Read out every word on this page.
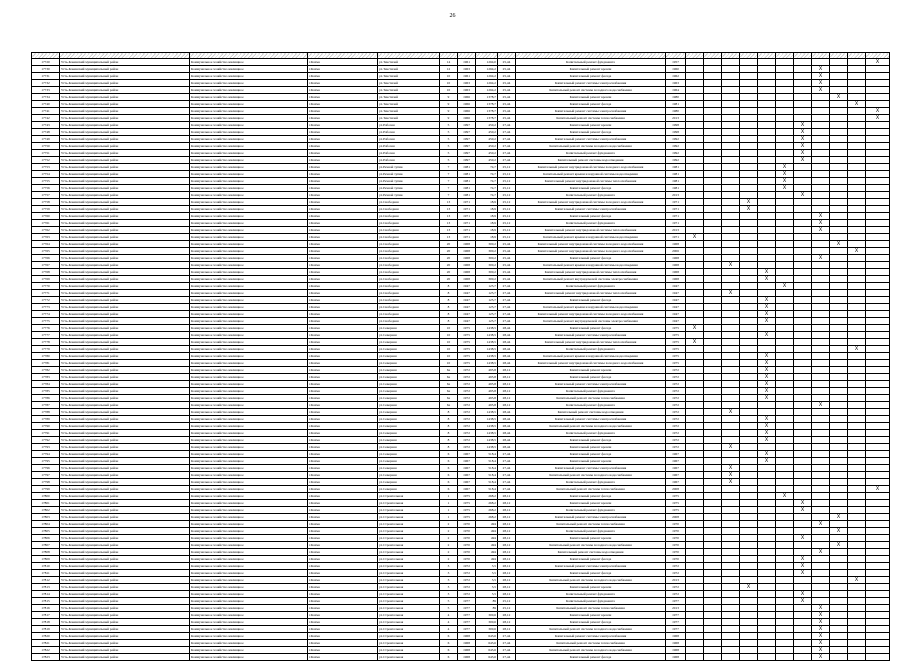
26

17720	Усть-Кокинский муниципальный район	Коммунальное хозяйство жилищное	г.Кохма	ул.Текстилей	14	1961	1264,0	25,44	Капитальный ремонт фундамента	1957											X
17730	Усть-Кокинский муниципальный район	Коммунальное хозяйство жилищное	г.Кохма	ул.Текстилей	12	1963	1264,2	25,44	Капитальный ремонт кровли	1960								X			
17731	Усть-Кокинский муниципальный район	Коммунальное хозяйство жилищное	г.Кохма	ул.Текстилей	10	1961	1264,2	25,44	Капитальный ремонт фасада	1962								X			
17732	Усть-Кокинский муниципальный район	Коммунальное хозяйство жилищное	г.Кохма	ул.Текстилей	10	1963	1264,2	25,44	Капитальный ремонт системы электроснабжения	1963								X			
17733	Усть-Кокинский муниципальный район	Коммунальное хозяйство жилищное	г.Кохма	ул.Текстилей	10	1963	1264,2	25,44	Капитальный ремонт системы холодного водоснабжения	1964								X			
17734	Усть-Кокинский муниципальный район	Коммунальное хозяйство жилищное	г.Кохма	ул.Текстилей	9	1966	1378,7	25,44	Капитальный ремонт кровли	1980									X		
17740	Усть-Кокинский муниципальный район	Коммунальное хозяйство жилищное	г.Кохма	ул.Текстилей	9	1966	1378,7	25,44	Капитальный ремонт фасада	1981										X	
17741	Усть-Кокинский муниципальный район	Коммунальное хозяйство жилищное	г.Кохма	ул.Текстилей	9	1966	1378,7	25,44	Капитальный ремонт системы электроснабжения	1980											X
17742	Усть-Кокинский муниципальный район	Коммунальное хозяйство жилищное	г.Кохма	ул.Текстилей	9	1966	1378,7	25,44	Капитальный ремонт системы теплоснабжения	2013											X
17743	Усть-Кокинский муниципальный район	Коммунальное хозяйство жилищное	г.Кохма	ул.Рабочая	5	1997	450,2	27,44	Капитальный ремонт кровли	1998							X				
17748	Усть-Кокинский муниципальный район	Коммунальное хозяйство жилищное	г.Кохма	ул.Рабочая	5	1997	450,2	27,44	Капитальный ремонт фасада	1998							X				
17749	Усть-Кокинский муниципальный район	Коммунальное хозяйство жилищное	г.Кохма	ул.Рабочая	5	1997	450,2	27,44	Капитальный ремонт системы электроснабжения	1992							X				
17750	Усть-Кокинский муниципальный район	Коммунальное хозяйство жилищное	г.Кохма	ул.Рабочая	5	1997	450,2	27,44	Капитальный ремонт системы холодного водоснабжения	1992							X				
17751	Усть-Кокинский муниципальный район	Коммунальное хозяйство жилищное	г.Кохма	ул.Рабочая	5	1997	450,2	27,44	Капитальный ремонт фундамента	1992							X				
17752	Усть-Кокинский муниципальный район	Коммунальное хозяйство жилищное	г.Кохма	ул.Рабочая	5	1997	450,2	27,44	Капитальный ремонт системы водоотведения	1992							X				
17753	Усть-Кокинский муниципальный район	Коммунальное хозяйство жилищное	г.Кохма	ул.Речной тупик	7	1981	74,7	25,12	Капитальный ремонт внутридомовой системы холодного водоснабжения	1981						X					
17754	Усть-Кокинский муниципальный район	Коммунальное хозяйство жилищное	г.Кохма	ул.Речной тупик	7	1981	74,7	25,12	Капитальный ремонт крыши и наружной системы водоотведения	1981						X					
17755	Усть-Кокинский муниципальный район	Коммунальное хозяйство жилищное	г.Кохма	ул.Речной тупик	7	1981	74,7	25,12	Капитальный ремонт внутридомовой системы теплоснабжения	1981						X					
17756	Усть-Кокинский муниципальный район	Коммунальное хозяйство жилищное	г.Кохма	ул.Речной тупик	7	1981	74,7	25,12	Капитальный ремонт фасада	1981						X					
17757	Усть-Кокинский муниципальный район	Коммунальное хозяйство жилищное	г.Кохма	ул.Речной тупик	7	1981	74,7	25,12	Капитальный ремонт фундамента	2013							X				
17758	Усть-Кокинский муниципальный район	Коммунальное хозяйство жилищное	г.Кохма	ул.Свободная	13	1971	18,9	25,12	Капитальный ремонт внутридомовой системы холодного водоснабжения	1971				X							
17759	Усть-Кокинский муниципальный район	Коммунальное хозяйство жилищное	г.Кохма	ул.Свободная	13	1971	18,9	25,12	Капитальный ремонт системы электроснабжения	1971				X							
17760	Усть-Кокинский муниципальный район	Коммунальное хозяйство жилищное	г.Кохма	ул.Свободная	13	1971	18,9	25,12	Капитальный ремонт фасада	1971								X			
17761	Усть-Кокинский муниципальный район	Коммунальное хозяйство жилищное	г.Кохма	ул.Свободная	13	1971	18,9	25,12	Капитальный ремонт фундамента	1971								X			
17762	Усть-Кокинский муниципальный район	Коммунальное хозяйство жилищное	г.Кохма	ул.Свободная	13	1971	18,9	25,12	Капитальный ремонт внутридомовой системы теплоснабжения	2013								X			
17763	Усть-Кокинский муниципальный район	Коммунальное хозяйство жилищное	г.Кохма	ул.Свободная	13	1971	18,9	25,12	Капитальный ремонт крыши и наружной системы водоотведения	1971	X										
17764	Усть-Кокинский муниципальный район	Коммунальное хозяйство жилищное	г.Кохма	ул.Свободная	20	1968	300,2	25,44	Капитальный ремонт внутридомовой системы холодного водоснабжения	1968									X		
17765	Усть-Кокинский муниципальный район	Коммунальное хозяйство жилищное	г.Кохма	ул.Свободная	20	1968	300,2	25,44	Капитальный ремонт внутридомовой системы холодного водоснабжения	2006										X	
17766	Усть-Кокинский муниципальный район	Коммунальное хозяйство жилищное	г.Кохма	ул.Свободная	20	1968	300,2	25,44	Капитальный ремонт фасада	1968								X			
17767	Усть-Кокинский муниципальный район	Коммунальное хозяйство жилищное	г.Кохма	ул.Свободная	20	1968	300,2	25,44	Капитальный ремонт крыши и наружной системы водоотведения	1968			X								
17768	Усть-Кокинский муниципальный район	Коммунальное хозяйство жилищное	г.Кохма	ул.Свободная	20	1968	300,2	25,44	Капитальный ремонт внутридомовой системы теплоснабжения	1968					X						
17769	Усть-Кокинский муниципальный район	Коммунальное хозяйство жилищное	г.Кохма	ул.Свободная	20	1968	300,2	25,44	Капитальный ремонт внутридомовой системы электроснабжения	1968					X						
17770	Усть-Кокинский муниципальный район	Коммунальное хозяйство жилищное	г.Кохма	ул.Свободная	8	1947	125,7	27,44	Капитальный ремонт фундамента	1947						X					
17771	Усть-Кокинский муниципальный район	Коммунальное хозяйство жилищное	г.Кохма	ул.Свободная	8	1947	125,7	27,44	Капитальный ремонт внутридомовой системы теплоснабжения	1947			X								
17772	Усть-Кокинский муниципальный район	Коммунальное хозяйство жилищное	г.Кохма	ул.Свободная	8	1947	125,7	27,44	Капитальный ремонт фасада	1947					X						
17773	Усть-Кокинский муниципальный район	Коммунальное хозяйство жилищное	г.Кохма	ул.Свободная	8	1947	125,7	27,44	Капитальный ремонт крыши и наружной системы водоотведения	1947					X						
17774	Усть-Кокинский муниципальный район	Коммунальное хозяйство жилищное	г.Кохма	ул.Свободная	8	1947	125,7	27,44	Капитальный ремонт внутридомовой системы холодного водоснабжения	1947					X						
17775	Усть-Кокинский муниципальный район	Коммунальное хозяйство жилищное	г.Кохма	ул.Свободная	8	1947	125,7	27,44	Капитальный ремонт внутридомовой системы электроснабжения	1947					X						
17776	Усть-Кокинский муниципальный район	Коммунальное хозяйство жилищное	г.Кохма	ул.Северная	10	1975	1438,5	28,44	Капитальный ремонт фасада	1975	X										
17777	Усть-Кокинский муниципальный район	Коммунальное хозяйство жилищное	г.Кохма	ул.Северная	10	1975	1438,5	28,44	Капитальный ремонт системы электроснабжения	1975					X						
17778	Усть-Кокинский муниципальный район	Коммунальное хозяйство жилищное	г.Кохма	ул.Северная	10	1975	1438,5	28,44	Капитальный ремонт внутридомовой системы теплоснабжения	1975	X										
17779	Усть-Кокинский муниципальный район	Коммунальное хозяйство жилищное	г.Кохма	ул.Северная	10	1975	1438,5	28,44	Капитальный ремонт фундамента	1975										X	
17780	Усть-Кокинский муниципальный район	Коммунальное хозяйство жилищное	г.Кохма	ул.Северная	10	1975	1438,5	28,44	Капитальный ремонт крыши и наружной системы водоотведения	1975					X						
17781	Усть-Кокинский муниципальный район	Коммунальное хозяйство жилищное	г.Кохма	ул.Северная	10	1975	1438,5	28,44	Капитальный ремонт внутридомовой системы холодного водоснабжения	1975					X						
17782	Усть-Кокинский муниципальный район	Коммунальное хозяйство жилищное	г.Кохма	ул.Северная	6а	1972	495,8	28,12	Капитальный ремонт кровли	1972					X						
17783	Усть-Кокинский муниципальный район	Коммунальное хозяйство жилищное	г.Кохма	ул.Северная	6а	1972	495,8	28,12	Капитальный ремонт фасада	1972					X						
17784	Усть-Кокинский муниципальный район	Коммунальное хозяйство жилищное	г.Кохма	ул.Северная	6а	1972	495,8	28,12	Капитальный ремонт системы электроснабжения	1972					X						
17785	Усть-Кокинский муниципальный район	Коммунальное хозяйство жилищное	г.Кохма	ул.Северная	6а	1972	495,8	28,12	Капитальный ремонт фундамента	1972					X						
17786	Усть-Кокинский муниципальный район	Коммунальное хозяйство жилищное	г.Кохма	ул.Северная	6а	1972	495,8	28,12	Капитальный ремонт системы теплоснабжения	1972					X						
17787	Усть-Кокинский муниципальный район	Коммунальное хозяйство жилищное	г.Кохма	ул.Северная	6а	1972	495,8	28,12	Капитальный ремонт фундамента	1972								X			
17788	Усть-Кокинский муниципальный район	Коммунальное хозяйство жилищное	г.Кохма	ул.Северная	8	1972	1438,5	28,44	Капитальный ремонт системы водоотведения	1972			X								
17789	Усть-Кокинский муниципальный район	Коммунальное хозяйство жилищное	г.Кохма	ул.Северная	8	1972	1438,5	28,44	Капитальный ремонт системы электроснабжения	1972					X						
17790	Усть-Кокинский муниципальный район	Коммунальное хозяйство жилищное	г.Кохма	ул.Северная	8	1972	1438,5	28,44	Капитальный ремонт системы холодного водоснабжения	1972					X						
17791	Усть-Кокинский муниципальный район	Коммунальное хозяйство жилищное	г.Кохма	ул.Северная	8	1972	1438,5	28,44	Капитальный ремонт фундамента	1972					X						
17792	Усть-Кокинский муниципальный район	Коммунальное хозяйство жилищное	г.Кохма	ул.Северная	8	1972	1438,5	28,44	Капитальный ремонт фасада	1972					X						
17793	Усть-Кокинский муниципальный район	Коммунальное хозяйство жилищное	г.Кохма	ул.Северная	8	1972	1438,5	28,44	Капитальный ремонт кровли	1972			X								
17794	Усть-Кокинский муниципальный район	Коммунальное хозяйство жилищное	г.Кохма	ул.Северная	6	1967	518,4	27,44	Капитальный ремонт фасада	1967					X						
17795	Усть-Кокинский муниципальный район	Коммунальное хозяйство жилищное	г.Кохма	ул.Северная	6	1967	518,4	27,44	Капитальный ремонт кровли	1967					X						
17796	Усть-Кокинский муниципальный район	Коммунальное хозяйство жилищное	г.Кохма	ул.Северная	6	1967	518,4	27,44	Капитальный ремонт системы электроснабжения	1967			X								
17797	Усть-Кокинский муниципальный район	Коммунальное хозяйство жилищное	г.Кохма	ул.Северная	6	1967	518,4	27,44	Капитальный ремонт системы холодного водоснабжения	1967			X								
17798	Усть-Кокинский муниципальный район	Коммунальное хозяйство жилищное	г.Кохма	ул.Северная	6	1967	518,4	27,44	Капитальный ремонт фундамента	1967			X								
17799	Усть-Кокинский муниципальный район	Коммунальное хозяйство жилищное	г.Кохма	ул.Северная	6	1967	518,4	27,44	Капитальный ремонт системы теплоснабжения	2008											X
17800	Усть-Кокинский муниципальный район	Коммунальное хозяйство жилищное	г.Кохма	ул.Строительная	1	1975	268,2	28,12	Капитальный ремонт фасада	1975						X					
17801	Усть-Кокинский муниципальный район	Коммунальное хозяйство жилищное	г.Кохма	ул.Строительная	1	1975	268,2	28,12	Капитальный ремонт кровли	1975							X				
17802	Усть-Кокинский муниципальный район	Коммунальное хозяйство жилищное	г.Кохма	ул.Строительная	1	1975	268,2	28,12	Капитальный ремонт фундамента	1975							X				
17803	Усть-Кокинский муниципальный район	Коммунальное хозяйство жилищное	г.Кохма	ул.Строительная	1	1975	268,2	28,12	Капитальный ремонт системы электроснабжения	2008									X		
17804	Усть-Кокинский муниципальный район	Коммунальное хозяйство жилищное	г.Кохма	ул.Строительная	2	1970	494	28,12	Капитальный ремонт системы теплоснабжения	1970								X			
17805	Усть-Кокинский муниципальный район	Коммунальное хозяйство жилищное	г.Кохма	ул.Строительная	2	1970	494	28,12	Капитальный ремонт фундамента	1970									X		
17806	Усть-Кокинский муниципальный район	Коммунальное хозяйство жилищное	г.Кохма	ул.Строительная	2	1970	494	28,12	Капитальный ремонт кровли	1970							X				
17807	Усть-Кокинский муниципальный район	Коммунальное хозяйство жилищное	г.Кохма	ул.Строительная	2	1970	494	28,12	Капитальный ремонт системы холодного водоснабжения	1970									X		
17808	Усть-Кокинский муниципальный район	Коммунальное хозяйство жилищное	г.Кохма	ул.Строительная	2	1970	494	28,12	Капитальный ремонт системы водоотведения	1970								X			
17809	Усть-Кокинский муниципальный район	Коммунальное хозяйство жилищное	г.Кохма	ул.Строительная	2	1970	494	28,12	Капитальный ремонт фасада	1970							X				
17810	Усть-Кокинский муниципальный район	Коммунальное хозяйство жилищное	г.Кохма	ул.Строительная	3	1972	3,5	28,12	Капитальный ремонт системы электроснабжения	1972							X				
17811	Усть-Кокинский муниципальный район	Коммунальное хозяйство жилищное	г.Кохма	ул.Строительная	3	1972	3,5	28,12	Капитальный ремонт фасада	1972							X				
17812	Усть-Кокинский муниципальный район	Коммунальное хозяйство жилищное	г.Кохма	ул.Строительная	3	1972	3,5	28,12	Капитальный ремонт системы холодного водоснабжения	2013										X	
17813	Усть-Кокинский муниципальный район	Коммунальное хозяйство жилищное	г.Кохма	ул.Строительная	3	1972	3,5	28,12	Капитальный ремонт кровли	1972				X							
17814	Усть-Кокинский муниципальный район	Коммунальное хозяйство жилищное	г.Кохма	ул.Строительная	3	1972	3,5	28,12	Капитальный ремонт фундамента	1972							X				
17815	Усть-Кокинский муниципальный район	Коммунальное хозяйство жилищное	г.Кохма	ул.Строительная	5	1977	89	25,12	Капитальный ремонт фундамента	1977							X				
17816	Усть-Кокинский муниципальный район	Коммунальное хозяйство жилищное	г.Кохма	ул.Строительная	5	1977	89	25,12	Капитальный ремонт системы теплоснабжения	2013								X			
17817	Усть-Кокинский муниципальный район	Коммунальное хозяйство жилищное	г.Кохма	ул.Строительная	4	1977	300,6	28,12	Капитальный ремонт кровли	1977								X			
17818	Усть-Кокинский муниципальный район	Коммунальное хозяйство жилищное	г.Кохма	ул.Строительная	4	1977	300,6	28,12	Капитальный ремонт фасада	1977								X			
17819	Усть-Кокинский муниципальный район	Коммунальное хозяйство жилищное	г.Кохма	ул.Строительная	4	1977	300,6	28,12	Капитальный ремонт системы холодного водоснабжения	1977								X			
17820	Усть-Кокинский муниципальный район	Коммунальное хозяйство жилищное	г.Кохма	ул.Строительная	6	1968	643,6	27,44	Капитальный ремонт системы электроснабжения	1968								X			
17821	Усть-Кокинский муниципальный район	Коммунальное хозяйство жилищное	г.Кохма	ул.Строительная	6	1968	643,6	27,44	Капитальный ремонт системы теплоснабжения	1968								X			
17822	Усть-Кокинский муниципальный район	Коммунальное хозяйство жилищное	г.Кохма	ул.Строительная	6	1968	643,6	27,44	Капитальный ремонт системы холодного водоснабжения	1968								X			
17823	Усть-Кокинский муниципальный район	Коммунальное хозяйство жилищное	г.Кохма	ул.Строительная	6	1968	643,6	27,44	Капитальный ремонт фасада	1968								X			
